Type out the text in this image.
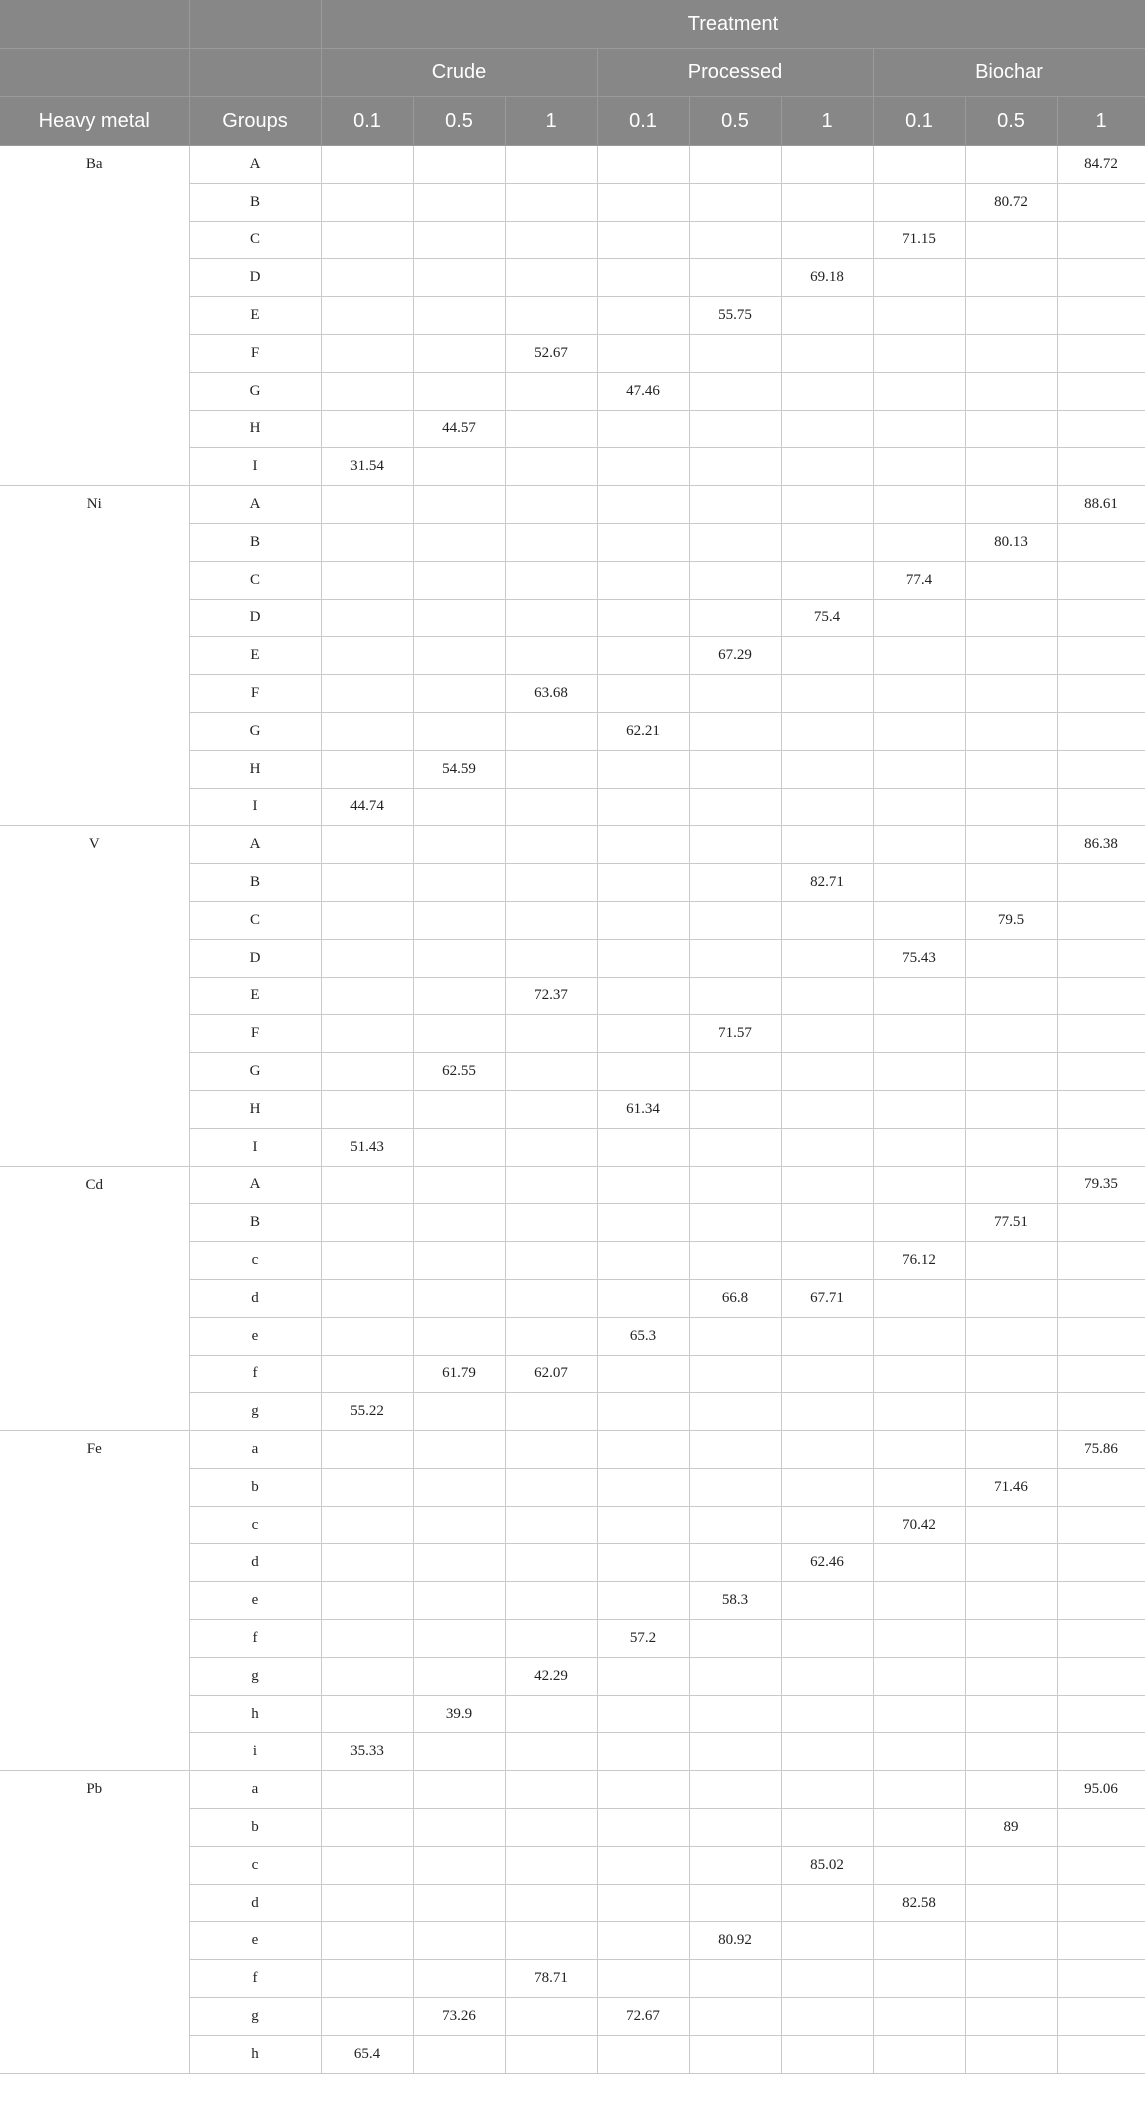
		Treatment								
		Crude			Processed			Biochar		
Heavy metal	Groups	0.1	0.5	1	0.1	0.5	1	0.1	0.5	1
Ba	A									84.72
	B								80.72	
	C							71.15		
	D						69.18			
	E					55.75				
	F			52.67						
	G				47.46					
	H		44.57							
	I	31.54								
Ni	A									88.61
	B								80.13	
	C							77.4		
	D						75.4			
	E					67.29				
	F			63.68						
	G				62.21					
	H		54.59							
	I	44.74								
V	A									86.38
	B						82.71			
	C								79.5	
	D							75.43		
	E			72.37						
	F					71.57				
	G		62.55							
	H				61.34					
	I	51.43								
Cd	A									79.35
	B								77.51	
	c							76.12		
	d					66.8	67.71			
	e				65.3					
	f		61.79	62.07						
	g	55.22								
Fe	a									75.86
	b								71.46	
	c							70.42		
	d						62.46			
	e					58.3				
	f				57.2					
	g			42.29						
	h		39.9							
	i	35.33								
Pb	a									95.06
	b								89	
	c						85.02			
	d							82.58		
	e					80.92				
	f			78.71						
	g		73.26		72.67					
	h	65.4								
